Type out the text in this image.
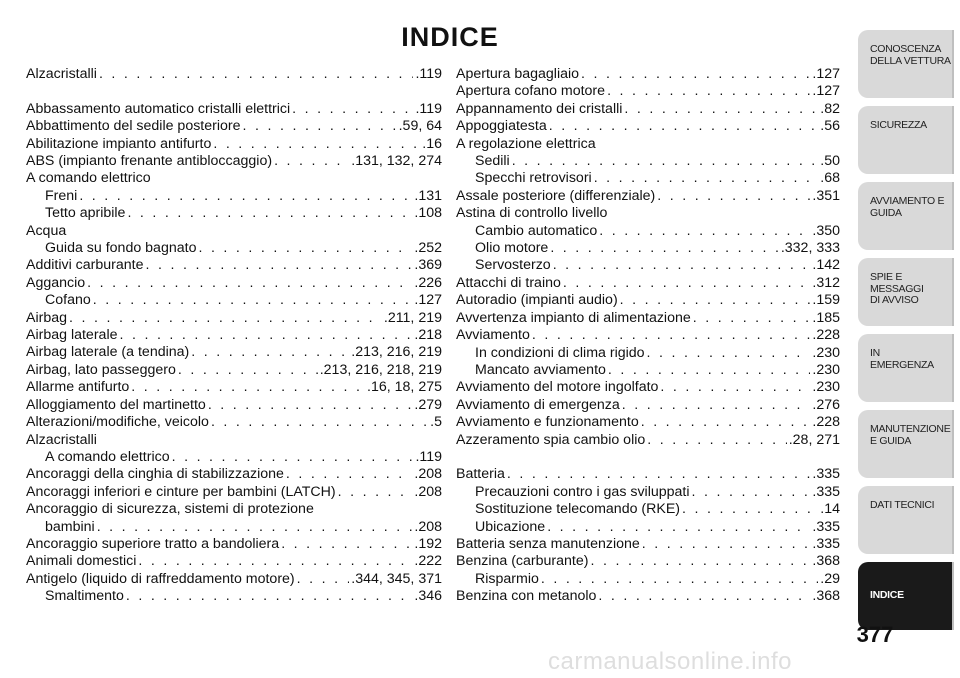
INDICE
Alzacristalli . . .	.119
Abbassamento automatico cristalli elettrici . . .	.119
Abbattimento del sedile posteriore . . .	.59, 64
Abilitazione impianto antifurto . . .	.16
ABS (impianto frenante antibloccaggio) . . .	.131, 132, 274
A comando elettrico
Freni . . .	.131
Tetto apribile . . .	.108
Acqua
Guida su fondo bagnato . . .	.252
Additivi carburante . . .	.369
Aggancio . . .	.226
Cofano . . .	.127
Airbag . . .	.211, 219
Airbag laterale . . .	.218
Airbag laterale (a tendina) . . .	.213, 216, 219
Airbag, lato passeggero . . .	.213, 216, 218, 219
Allarme antifurto . . .	.16, 18, 275
Alloggiamento del martinetto . . .	.279
Alterazioni/modifiche, veicolo . . .	.5
Alzacristalli
A comando elettrico . . .	.119
Ancoraggi della cinghia di stabilizzazione . . .	.208
Ancoraggi inferiori e cinture per bambini (LATCH) . . .	.208
Ancoraggio di sicurezza, sistemi di protezione
bambini . . .	.208
Ancoraggio superiore tratto a bandoliera . . .	.192
Animali domestici . . .	.222
Antigelo (liquido di raffreddamento motore) . . .	.344, 345, 371
Smaltimento . . .	.346
Apertura bagagliaio . . .	.127
Apertura cofano motore . . .	.127
Appannamento dei cristalli . . .	.82
Appoggiatesta . . .	.56
A regolazione elettrica
Sedili . . .	.50
Specchi retrovisori . . .	.68
Assale posteriore (differenziale) . . .	.351
Astina di controllo livello
Cambio automatico . . .	.350
Olio motore . . .	.332, 333
Servosterzo . . .	.142
Attacchi di traino . . .	.312
Autoradio (impianti audio) . . .	.159
Avvertenza impianto di alimentazione . . .	.185
Avviamento . . .	.228
In condizioni di clima rigido . . .	.230
Mancato avviamento . . .	.230
Avviamento del motore ingolfato . . .	.230
Avviamento di emergenza . . .	.276
Avviamento e funzionamento . . .	.228
Azzeramento spia cambio olio . . .	.28, 271
Batteria . . .	.335
Precauzioni contro i gas sviluppati . . .	.335
Sostituzione telecomando (RKE) . . .	.14
Ubicazione . . .	.335
Batteria senza manutenzione . . .	.335
Benzina (carburante) . . .	.368
Risparmio . . .	.29
Benzina con metanolo . . .	.368
CONOSCENZA
DELLA VETTURA
SICUREZZA
AVVIAMENTO E
GUIDA
SPIE E
MESSAGGI
DI AVVISO
IN
EMERGENZA
MANUTENZIONE
E GUIDA
DATI TECNICI
INDICE
377
carmanualsonline.info
